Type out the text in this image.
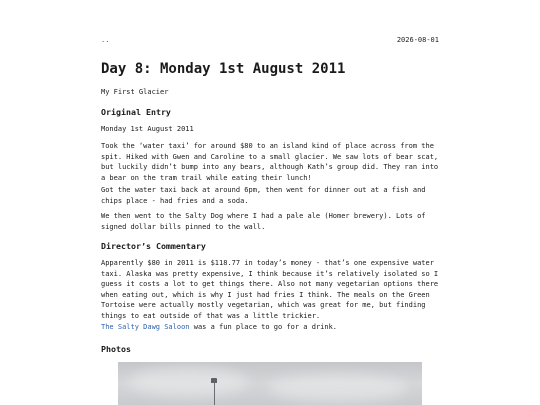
..	2026-08-01
Day 8: Monday 1st August 2011
My First Glacier
Original Entry

Monday 1st August 2011

Took the ‘water taxi’ for around $80 to an island kind of place across from the spit. Hiked with Gwen and Caroline to a small glacier. We saw lots of bear scat, but luckily didn’t bump into any bears, although Kath’s group did. They ran into a bear on the tram trail while eating their lunch!

Got the water taxi back at around 6pm, then went for dinner out at a fish and chips place - had fries and a soda.

We then went to the Salty Dog where I had a pale ale (Homer brewery). Lots of signed dollar bills pinned to the wall.

Director’s Commentary

Apparently $80 in 2011 is $118.77 in today’s money - that’s one expensive water taxi. Alaska was pretty expensive, I think because it’s relatively isolated so I guess it costs a lot to get things there. Also not many vegetarian options there when eating out, which is why I just had fries I think. The meals on the Green Tortoise were actually mostly vegetarian, which was great for me, but finding things to eat outside of that was a little trickier.

The Salty Dawg Saloon was a fun place to go for a drink.

Photos
